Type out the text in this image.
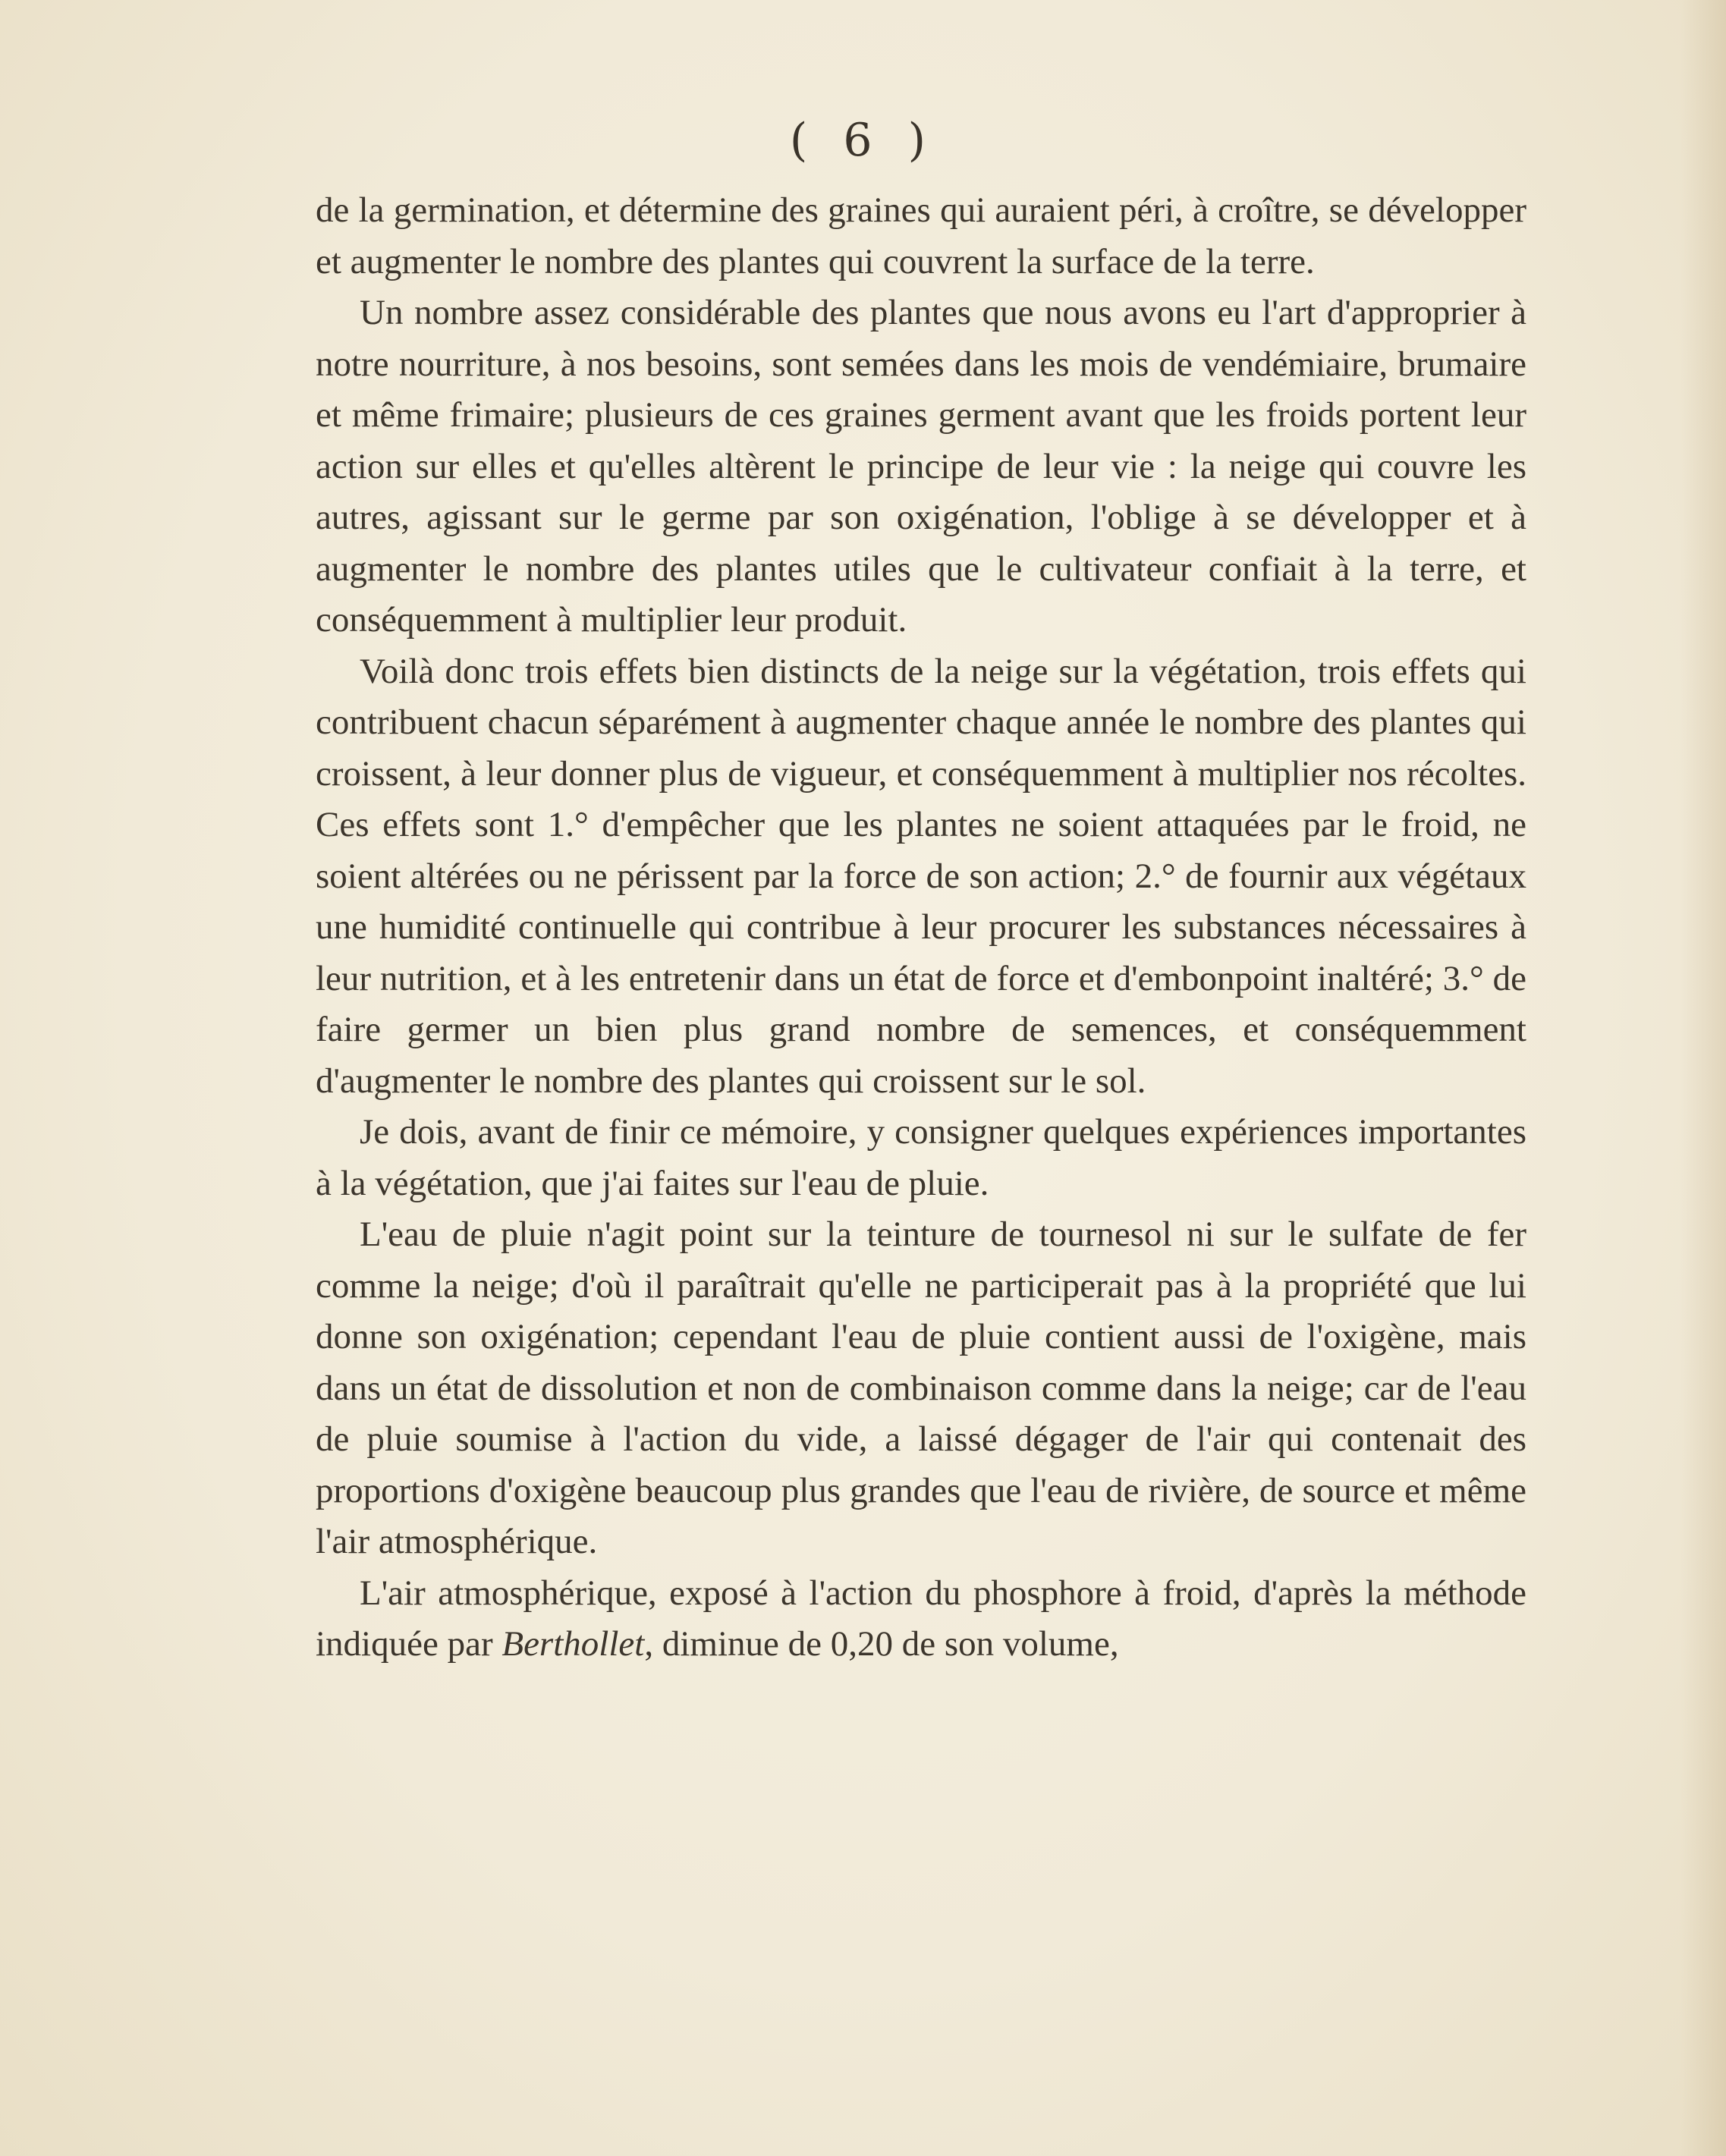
( 6 )

de la germination, et détermine des graines qui auraient péri, à croître, se développer et augmenter le nombre des plantes qui couvrent la surface de la terre.

Un nombre assez considérable des plantes que nous avons eu l'art d'approprier à notre nourriture, à nos besoins, sont semées dans les mois de vendémiaire, brumaire et même frimaire; plusieurs de ces graines germent avant que les froids portent leur action sur elles et qu'elles altèrent le principe de leur vie : la neige qui couvre les autres, agissant sur le germe par son oxigénation, l'oblige à se développer et à augmenter le nombre des plantes utiles que le cultivateur confiait à la terre, et conséquemment à multiplier leur produit.

Voilà donc trois effets bien distincts de la neige sur la végétation, trois effets qui contribuent chacun séparément à augmenter chaque année le nombre des plantes qui croissent, à leur donner plus de vigueur, et conséquemment à multiplier nos récoltes. Ces effets sont 1.° d'empêcher que les plantes ne soient attaquées par le froid, ne soient altérées ou ne périssent par la force de son action; 2.° de fournir aux végétaux une humidité continuelle qui contribue à leur procurer les substances nécessaires à leur nutrition, et à les entretenir dans un état de force et d'embonpoint inaltéré; 3.° de faire germer un bien plus grand nombre de semences, et conséquemment d'augmenter le nombre des plantes qui croissent sur le sol.

Je dois, avant de finir ce mémoire, y consigner quelques expériences importantes à la végétation, que j'ai faites sur l'eau de pluie.

L'eau de pluie n'agit point sur la teinture de tournesol ni sur le sulfate de fer comme la neige; d'où il paraîtrait qu'elle ne participerait pas à la propriété que lui donne son oxigénation; cependant l'eau de pluie contient aussi de l'oxigène, mais dans un état de dissolution et non de combinaison comme dans la neige; car de l'eau de pluie soumise à l'action du vide, a laissé dégager de l'air qui contenait des proportions d'oxigène beaucoup plus grandes que l'eau de rivière, de source et même l'air atmosphérique.

L'air atmosphérique, exposé à l'action du phosphore à froid, d'après la méthode indiquée par Berthollet, diminue de 0,20 de son volume,
